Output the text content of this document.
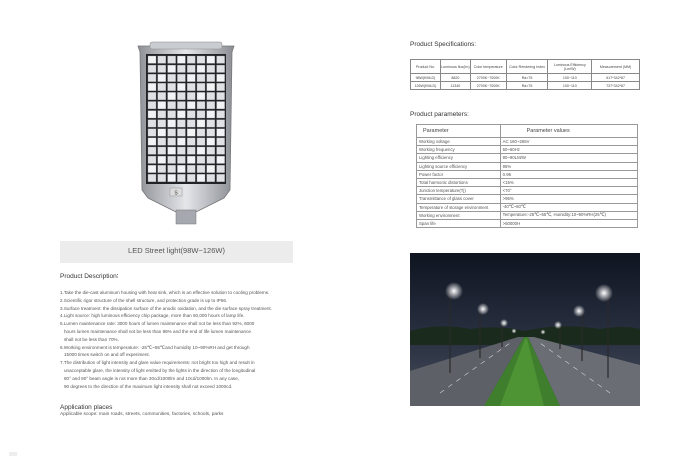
S
LED Street light(98W~126W)
Product Description∶
1.Take the die-cast aluminum housing with heat sink, which is an effective solution to cooling problems.
2.Scientific rigor structure of the shell structure, and protection grade is up to IP66.
3.Surface treatment: the dissipation surface of the anodic oxidation, and the die surface spray treatment.
4.Light source: high luminous efficiency chip package, more than 50,000 hours of lamp life.
5.Lumen maintenance rate: 3000 hours of lumen maintenance shall not be less than 92%, 6000
hours lumen maintenance shall not be less than 86% and the end of life lumen maintenance
shall not be less than 70%.
6.Working environment is temperature: -25℃~55℃and humidity 10~90%RH and get through
15000 times switch on and off experiment.
7.The distribution of light intensity and glare value requirements: not bright too high and result in
unacceptable glare, the intensity of light emitted by the lights in the direction of the longitudinal
80° and 90° beam angle is not more than 30cd/1000lm and 10cd/1000lm. In any case,
90 degrees to the direction of the maximum light intensity shall not exceed 1000cd.
Application places
Applicable scope: main roads, streets, communities, factories, schools, parks
Product Specifications:
Product No.	Luminous flux(lm)	Color temperature	Color Rendering Index	Luminous Efficiency (Lm/W)	Measurement (MM)
98W(KMLD)	8820	2700K~7000K	Ra>75	100~110	617*342*87
126W(KMLD)	11340	2700K~7000K	Ra>75	100~110	737*342*87
Product parameters:
Parameter	Parameter values
Working voltage	AC 160~265V
Working frequency	50~60Hz
Lighting efficiency	80~90LM/W
Lighting source efficiency	95%
Power factor	0.96
Total harmonic distortions	<15%
Junction temperature(Tj)	<70°
Transmittance of glass cover	>95%
Temperature of storage environment	-40℃~60℃
Working environment	Temperature:-25℃~55℃, Humidity:10~90%RH(25℃)
Span life	>50000H
